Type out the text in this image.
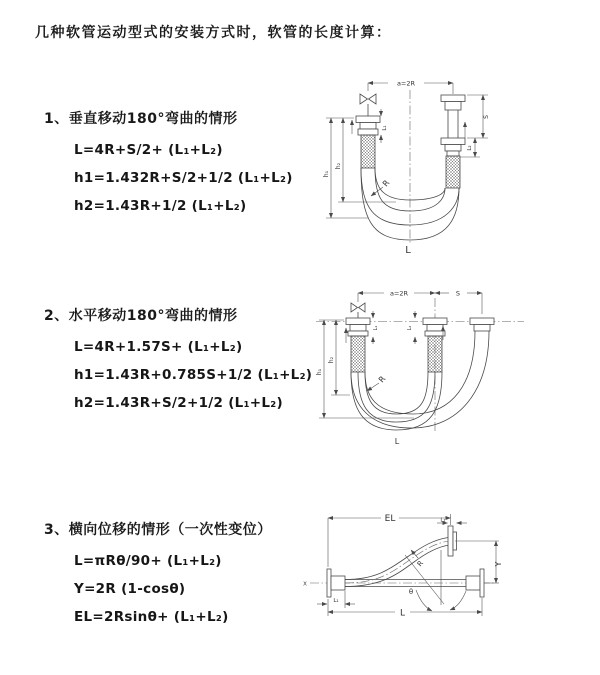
几种软管运动型式的安装方式时，软管的长度计算：
1、垂直移动180°弯曲的情形
L=4R+S/2+ (L₁+L₂)
h1=1.432R+S/2+1/2 (L₁+L₂)
h2=1.43R+1/2 (L₁+L₂)
2、水平移动180°弯曲的情形
L=4R+1.57S+ (L₁+L₂)
h1=1.43R+0.785S+1/2 (L₁+L₂)
h2=1.43R+S/2+1/2 (L₁+L₂)
3、横向位移的情形（一次性变位）
L=πRθ/90+ (L₁+L₂)
Y=2R (1-cosθ)
EL=2Rsinθ+ (L₁+L₂)
a=2R
L₁
h₁
h₂
S
L₂
R
L
a=2R	S
L₁	L₂
h₁
h₂
R
L
X
EL	L₁
Y
θ
R
L₁
L
